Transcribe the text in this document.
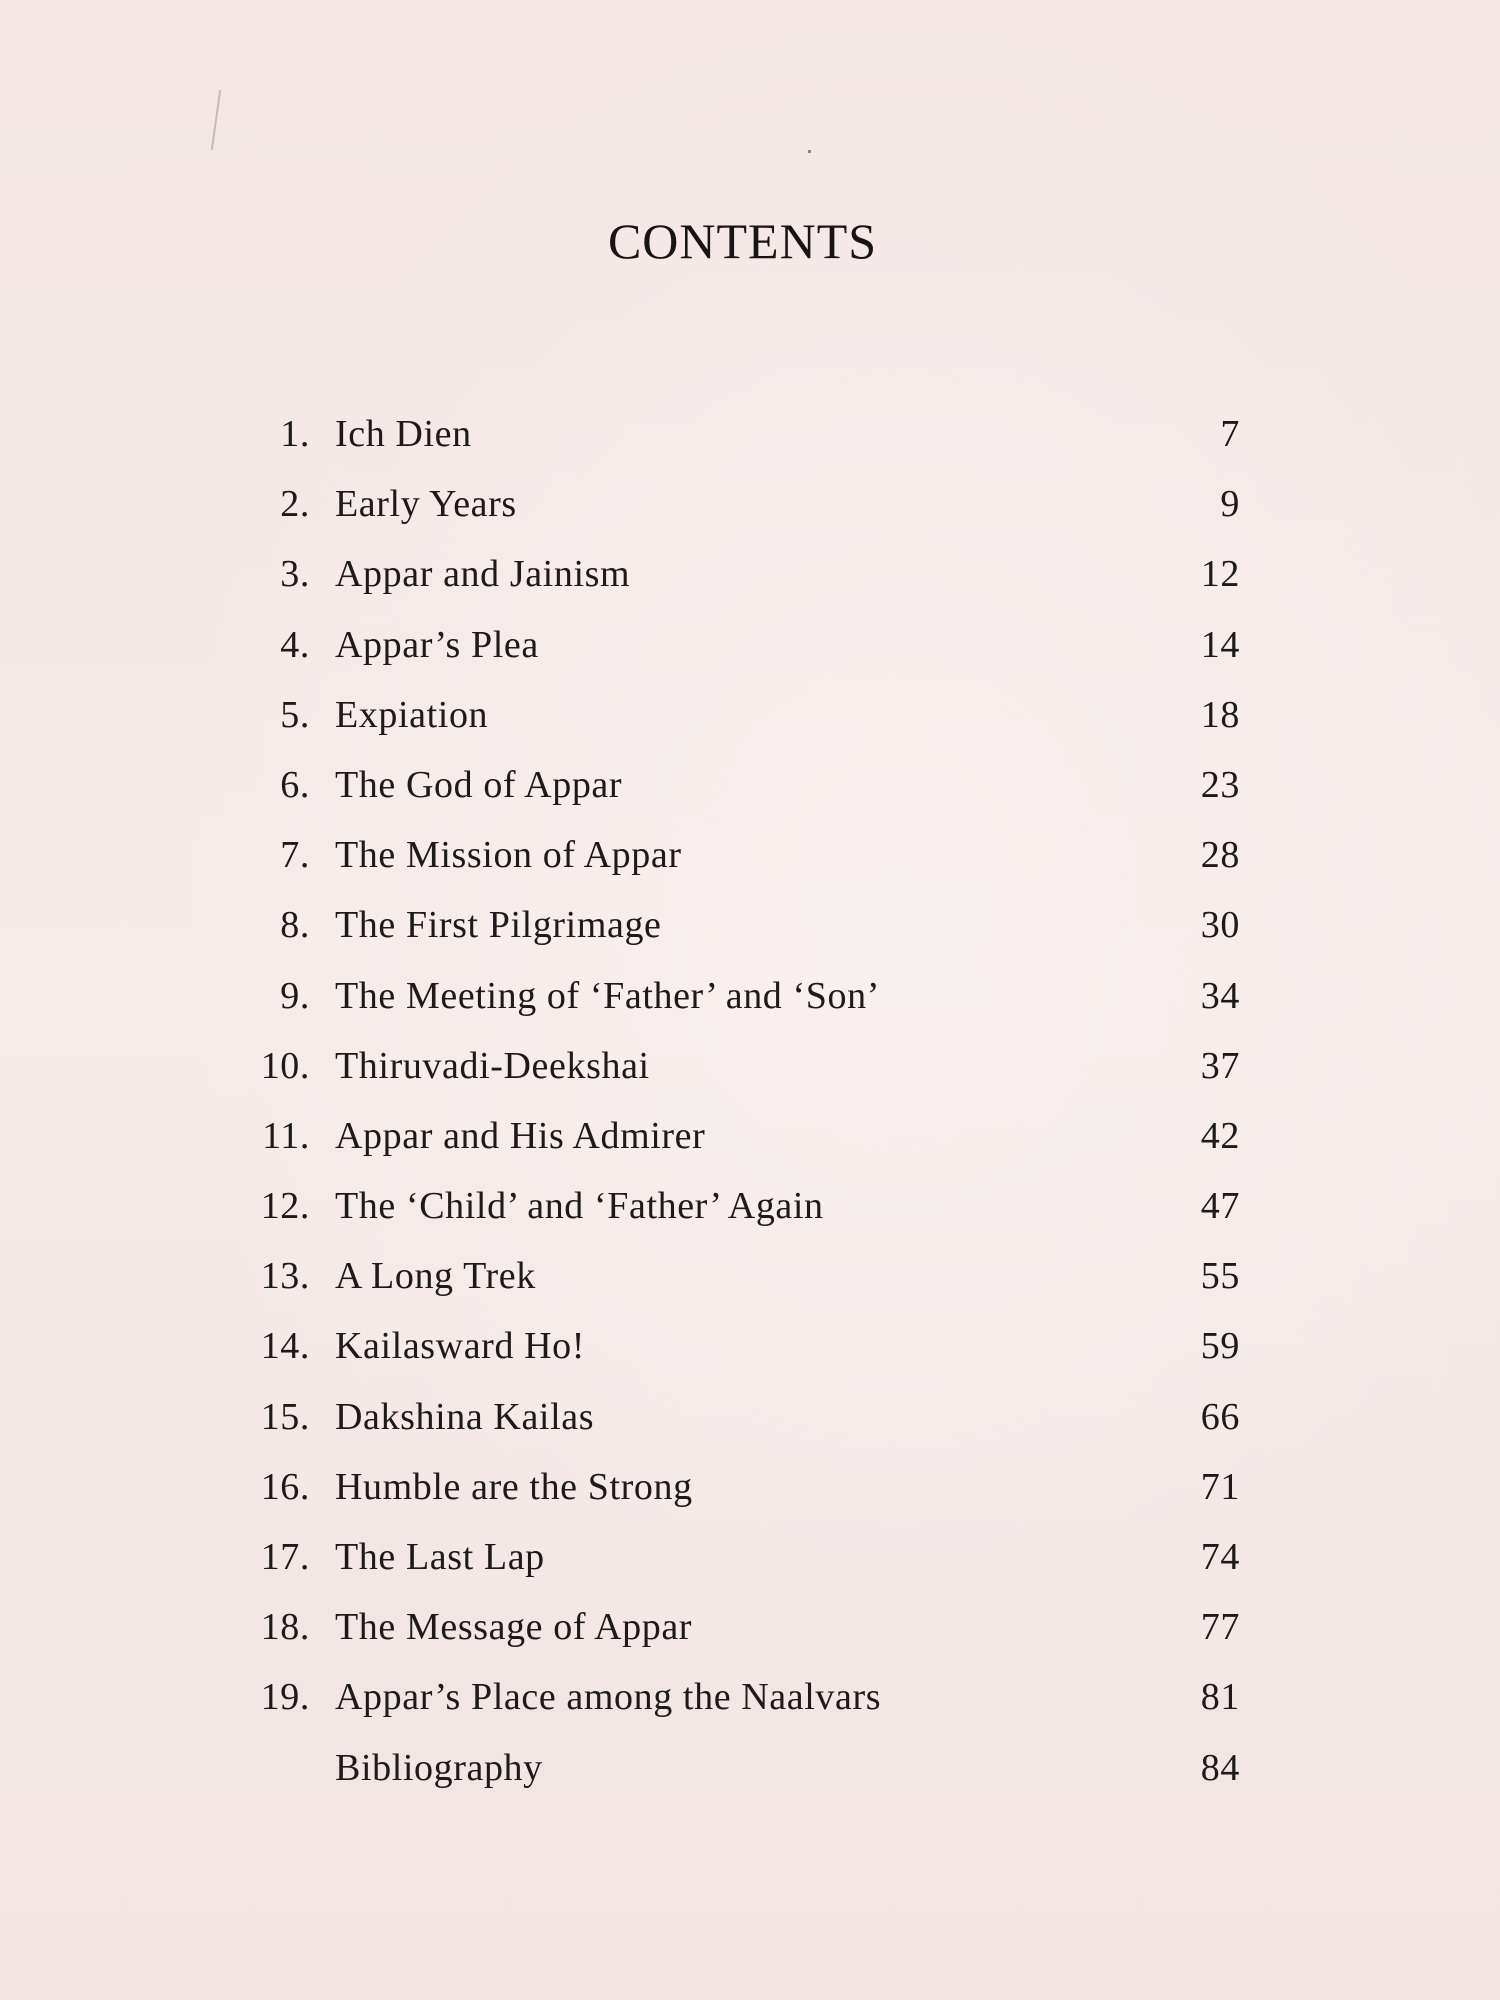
CONTENTS
1. Ich Dien	7
2. Early Years	9
3. Appar and Jainism	12
4. Appar’s Plea	14
5. Expiation	18
6. The God of Appar	23
7. The Mission of Appar	28
8. The First Pilgrimage	30
9. The Meeting of ‘Father’ and ‘Son’	34
10. Thiruvadi-Deekshai	37
11. Appar and His Admirer	42
12. The ‘Child’ and ‘Father’ Again	47
13. A Long Trek	55
14. Kailasward Ho!	59
15. Dakshina Kailas	66
16. Humble are the Strong	71
17. The Last Lap	74
18. The Message of Appar	77
19. Appar’s Place among the Naalvars	81
Bibliography	84
